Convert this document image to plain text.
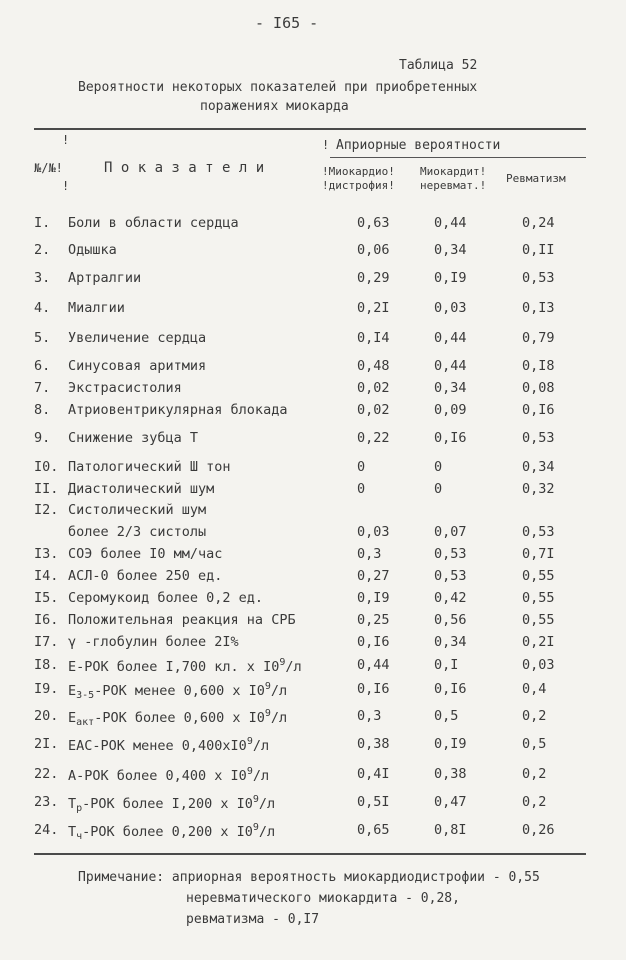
- I65 -
Таблица 52
Вероятности некоторых показателей при приобретенных
поражениях миокарда
!
№/№!
!
П о к а з а т е л и
! Априорные вероятности
!Миокардио!
!дистрофия!
Миокардит!
неревмат.!
Ревматизм
I. Боли в области сердца	0,63	0,44	0,24
2. Одышка	0,06	0,34	0,II
3. Артралгии	0,29	0,I9	0,53
4. Миалгии	0,2I	0,03	0,I3
5. Увеличение сердца	0,I4	0,44	0,79
6. Синусовая аритмия	0,48	0,44	0,I8
7. Экстрасистолия	0,02	0,34	0,08
8. Атриовентрикулярная блокада	0,02	0,09	0,I6
9. Снижение зубца Т	0,22	0,I6	0,53
I0. Патологический Ш тон	0	0	0,34
II. Диастолический шум	0	0	0,32
I2. Систолический шум
более 2/3 систолы	0,03	0,07	0,53
I3. СОЭ более I0 мм/час	0,3	0,53	0,7I
I4. АСЛ-0 более 250 ед.	0,27	0,53	0,55
I5. Серомукоид более 0,2 ед.	0,I9	0,42	0,55
I6. Положительная реакция на СРБ	0,25	0,56	0,55
I7. γ -глобулин более 2I%	0,I6	0,34	0,2I
I8. Е-РОК более I,700 кл. х $I0^9/л$	0,44	0,I	0,03
I9. $Е_{3-5}$-РОК менее 0,600 х $I0^9/л$	0,I6	0,I6	0,4
20. $Е_{акт}$-РОК более 0,600 х $I0^9/л$	0,3	0,5	0,2
2I. ЕАС-РОК менее $0,400хI0^9/л$	0,38	0,I9	0,5
22. А-РОК более 0,400 х $I0^9/л$	0,4I	0,38	0,2
23. $Т_р$-РОК более I,200 х $I0^9/л$	0,5I	0,47	0,2
24. $Т_ч$-РОК более 0,200 х $I0^9/л$	0,65	0,8I	0,26
Примечание: априорная вероятность миокардиодистрофии - 0,55
неревматического миокардита - 0,28,
ревматизма - 0,I7
